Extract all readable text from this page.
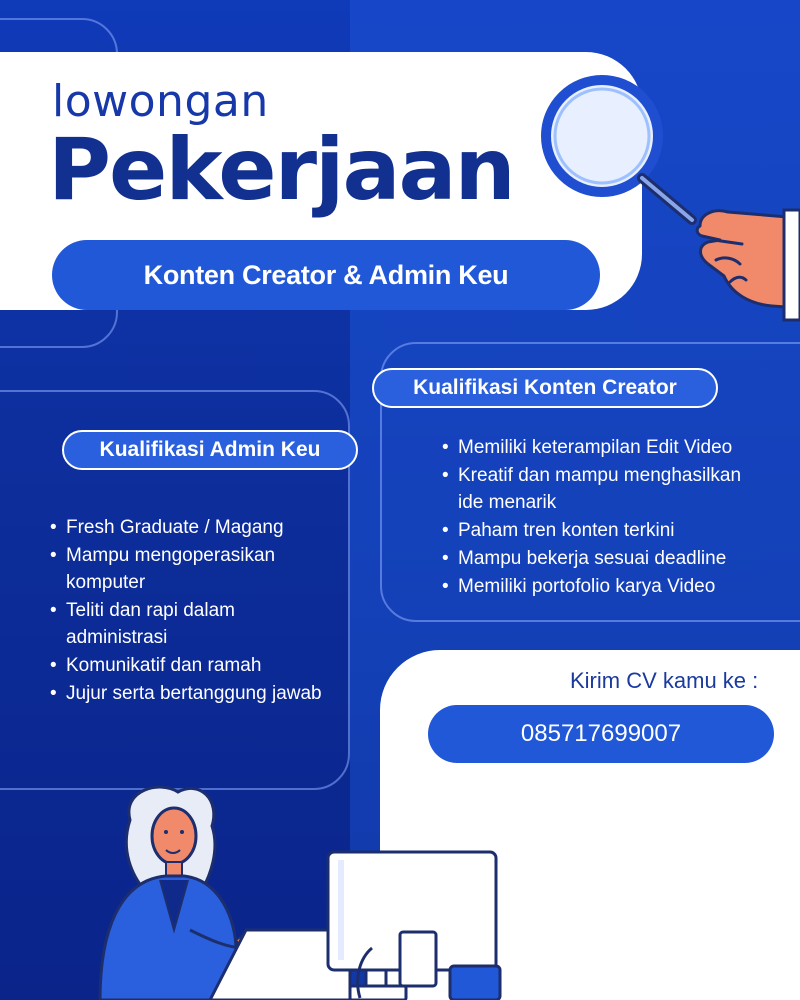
lowongan
Pekerjaan
Konten Creator & Admin Keu
Kualifikasi Admin Keu
• Fresh Graduate / Magang
• Mampu mengoperasikan komputer
• Teliti dan rapi dalam administrasi
• Komunikatif dan ramah
• Jujur serta bertanggung jawab
Kualifikasi Konten Creator
• Memiliki keterampilan Edit Video
• Kreatif dan mampu menghasilkan ide menarik
• Paham tren konten terkini
• Mampu bekerja sesuai deadline
• Memiliki portofolio karya Video
Kirim CV kamu ke :
085717699007
